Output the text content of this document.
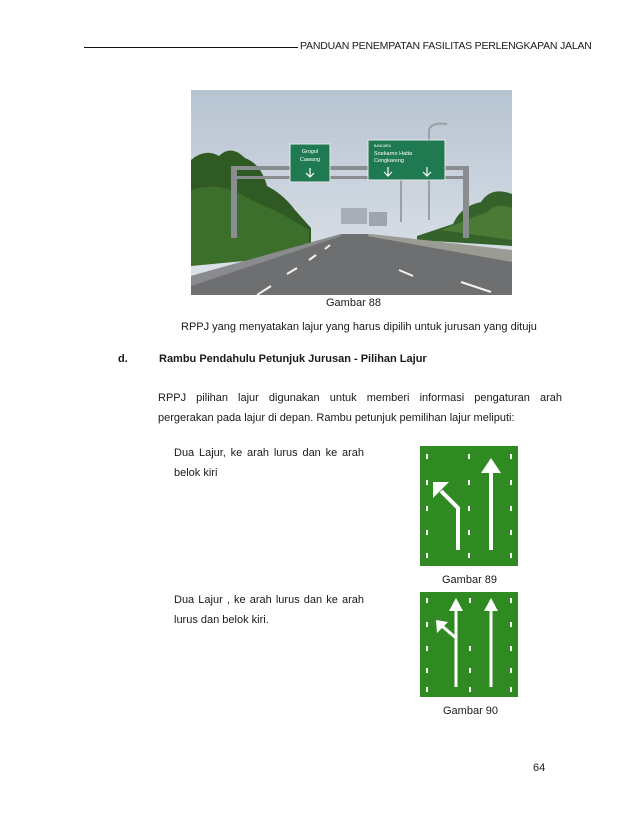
PANDUAN PENEMPATAN FASILITAS PERLENGKAPAN JALAN
Grogol
Cawang
BANDARA
Soekarno Hatta
Cengkareng
Gambar 88
RPPJ yang menyatakan lajur yang harus dipilih untuk jurusan yang dituju
d.	Rambu Pendahulu Petunjuk Jurusan - Pilihan Lajur

RPPJ pilihan lajur digunakan untuk memberi informasi pengaturan arah pergerakan pada lajur di depan. Rambu petunjuk pemilihan lajur meliputi:

Dua Lajur, ke arah lurus dan ke arah belok kiri

Gambar 89

Dua Lajur , ke arah lurus dan ke arah lurus dan belok kiri.

Gambar 90
64
